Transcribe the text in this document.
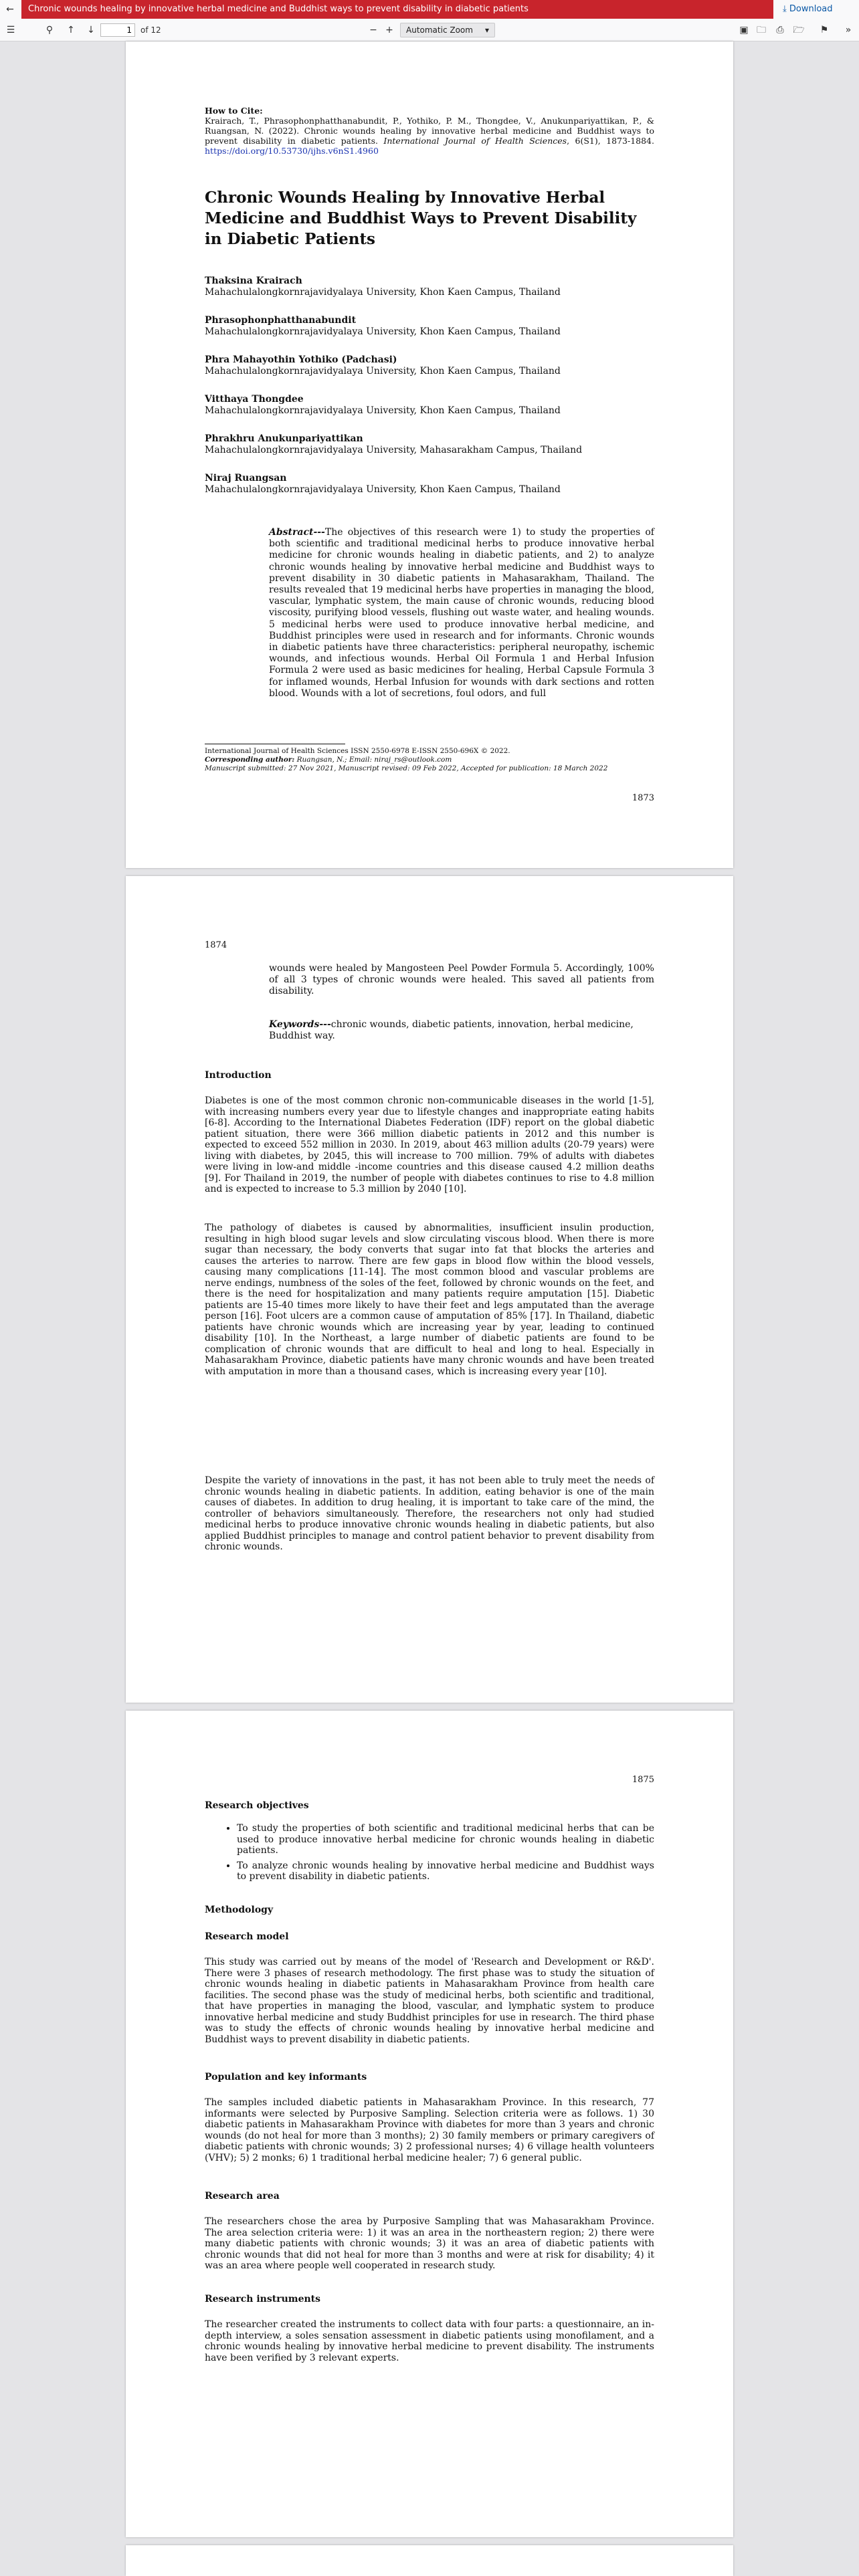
←	Chronic wounds healing by innovative herbal medicine and Buddhist ways to prevent disability in diabetic patients	⤓ Download
☰	⚲	↑ ↓	− +	▣ 🗀	⎙ 🗁 ⚑	»
1	of 12	Automatic Zoom ▾
How to Cite:
Krairach, T., Phrasophonphatthanabundit, P., Yothiko, P. M., Thongdee, V., Anukunpariyattikan, P., & Ruangsan, N. (2022). Chronic wounds healing by innovative herbal medicine and Buddhist ways to prevent disability in diabetic patients. International Journal of Health Sciences, 6(S1), 1873-1884. https://doi.org/10.53730/ijhs.v6nS1.4960
Chronic Wounds Healing by Innovative Herbal Medicine and Buddhist Ways to Prevent Disability in Diabetic Patients
Thaksina Krairach
Mahachulalongkornrajavidyalaya University, Khon Kaen Campus, Thailand
Phrasophonphatthanabundit
Mahachulalongkornrajavidyalaya University, Khon Kaen Campus, Thailand
Phra Mahayothin Yothiko (Padchasi)
Mahachulalongkornrajavidyalaya University, Khon Kaen Campus, Thailand
Vitthaya Thongdee
Mahachulalongkornrajavidyalaya University, Khon Kaen Campus, Thailand
Phrakhru Anukunpariyattikan
Mahachulalongkornrajavidyalaya University, Mahasarakham Campus, Thailand
Niraj Ruangsan
Mahachulalongkornrajavidyalaya University, Khon Kaen Campus, Thailand
Abstract---The objectives of this research were 1) to study the properties of both scientific and traditional medicinal herbs to produce innovative herbal medicine for chronic wounds healing in diabetic patients, and 2) to analyze chronic wounds healing by innovative herbal medicine and Buddhist ways to prevent disability in 30 diabetic patients in Mahasarakham, Thailand. The results revealed that 19 medicinal herbs have properties in managing the blood, vascular, lymphatic system, the main cause of chronic wounds, reducing blood viscosity, purifying blood vessels, flushing out waste water, and healing wounds. 5 medicinal herbs were used to produce innovative herbal medicine, and Buddhist principles were used in research and for informants. Chronic wounds in diabetic patients have three characteristics: peripheral neuropathy, ischemic wounds, and infectious wounds. Herbal Oil Formula 1 and Herbal Infusion Formula 2 were used as basic medicines for healing, Herbal Capsule Formula 3 for inflamed wounds, Herbal Infusion for wounds with dark sections and rotten blood. Wounds with a lot of secretions, foul odors, and full
International Journal of Health Sciences ISSN 2550-6978 E-ISSN 2550-696X © 2022.
Corresponding author: Ruangsan, N.; Email: niraj_rs@outlook.com
Manuscript submitted: 27 Nov 2021, Manuscript revised: 09 Feb 2022, Accepted for publication: 18 March 2022
1873
1874
wounds were healed by Mangosteen Peel Powder Formula 5. Accordingly, 100% of all 3 types of chronic wounds were healed. This saved all patients from disability.
Keywords---chronic wounds, diabetic patients, innovation, herbal medicine, Buddhist way.
Introduction
Diabetes is one of the most common chronic non-communicable diseases in the world [1-5], with increasing numbers every year due to lifestyle changes and inappropriate eating habits [6-8]. According to the International Diabetes Federation (IDF) report on the global diabetic patient situation, there were 366 million diabetic patients in 2012 and this number is expected to exceed 552 million in 2030. In 2019, about 463 million adults (20-79 years) were living with diabetes, by 2045, this will increase to 700 million. 79% of adults with diabetes were living in low-and middle -income countries and this disease caused 4.2 million deaths [9]. For Thailand in 2019, the number of people with diabetes continues to rise to 4.8 million and is expected to increase to 5.3 million by 2040 [10].
The pathology of diabetes is caused by abnormalities, insufficient insulin production, resulting in high blood sugar levels and slow circulating viscous blood. When there is more sugar than necessary, the body converts that sugar into fat that blocks the arteries and causes the arteries to narrow. There are few gaps in blood flow within the blood vessels, causing many complications [11-14]. The most common blood and vascular problems are nerve endings, numbness of the soles of the feet, followed by chronic wounds on the feet, and there is the need for hospitalization and many patients require amputation [15]. Diabetic patients are 15-40 times more likely to have their feet and legs amputated than the average person [16]. Foot ulcers are a common cause of amputation of 85% [17]. In Thailand, diabetic patients have chronic wounds which are increasing year by year, leading to continued disability [10]. In the Northeast, a large number of diabetic patients are found to be complication of chronic wounds that are difficult to heal and long to heal. Especially in Mahasarakham Province, diabetic patients have many chronic wounds and have been treated with amputation in more than a thousand cases, which is increasing every year [10].
Despite the variety of innovations in the past, it has not been able to truly meet the needs of chronic wounds healing in diabetic patients. In addition, eating behavior is one of the main causes of diabetes. In addition to drug healing, it is important to take care of the mind, the controller of behaviors simultaneously. Therefore, the researchers not only had studied medicinal herbs to produce innovative chronic wounds healing in diabetic patients, but also applied Buddhist principles to manage and control patient behavior to prevent disability from chronic wounds.
1875
Research objectives
• To study the properties of both scientific and traditional medicinal herbs that can be used to produce innovative herbal medicine for chronic wounds healing in diabetic patients.
• To analyze chronic wounds healing by innovative herbal medicine and Buddhist ways to prevent disability in diabetic patients.
Methodology
Research model
This study was carried out by means of the model of 'Research and Development or R&D'. There were 3 phases of research methodology. The first phase was to study the situation of chronic wounds healing in diabetic patients in Mahasarakham Province from health care facilities. The second phase was the study of medicinal herbs, both scientific and traditional, that have properties in managing the blood, vascular, and lymphatic system to produce innovative herbal medicine and study Buddhist principles for use in research. The third phase was to study the effects of chronic wounds healing by innovative herbal medicine and Buddhist ways to prevent disability in diabetic patients.
Population and key informants
The samples included diabetic patients in Mahasarakham Province. In this research, 77 informants were selected by Purposive Sampling. Selection criteria were as follows. 1) 30 diabetic patients in Mahasarakham Province with diabetes for more than 3 years and chronic wounds (do not heal for more than 3 months); 2) 30 family members or primary caregivers of diabetic patients with chronic wounds; 3) 2 professional nurses; 4) 6 village health volunteers (VHV); 5) 2 monks; 6) 1 traditional herbal medicine healer; 7) 6 general public.
Research area
The researchers chose the area by Purposive Sampling that was Mahasarakham Province. The area selection criteria were: 1) it was an area in the northeastern region; 2) there were many diabetic patients with chronic wounds; 3) it was an area of diabetic patients with chronic wounds that did not heal for more than 3 months and were at risk for disability; 4) it was an area where people well cooperated in research study.
Research instruments
The researcher created the instruments to collect data with four parts: a questionnaire, an in-depth interview, a soles sensation assessment in diabetic patients using monofilament, and a chronic wounds healing by innovative herbal medicine to prevent disability. The instruments have been verified by 3 relevant experts.
